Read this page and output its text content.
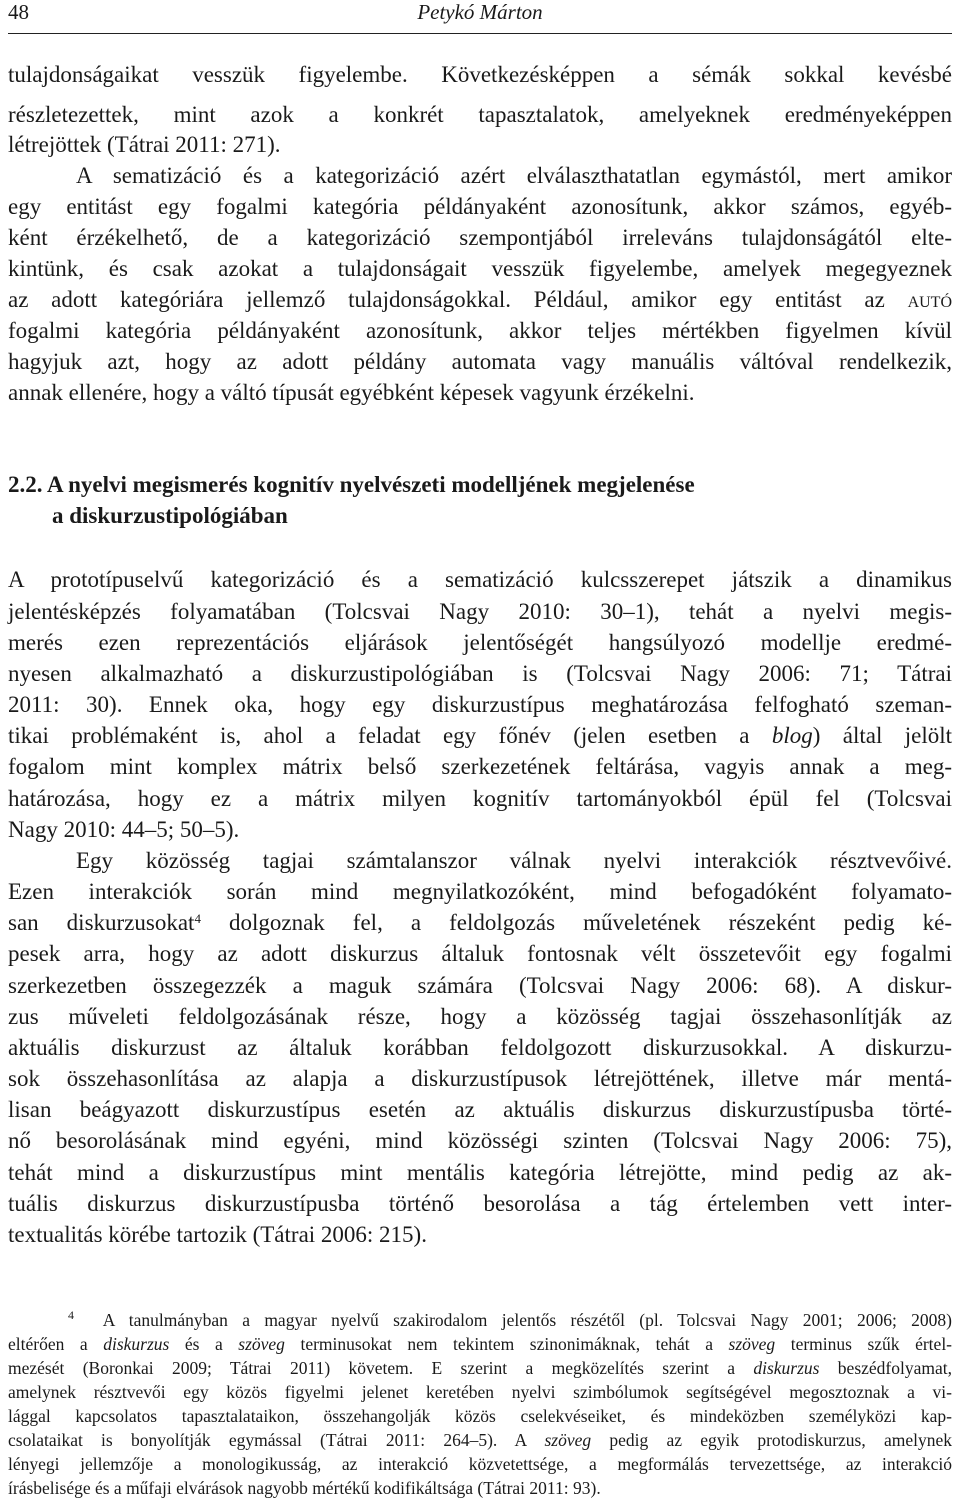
48	Petykó Márton
tulajdonságaikat vesszük figyelembe. Következésképpen a sémák sokkal kevésbé
részletezettek, mint azok a konkrét tapasztalatok, amelyeknek eredményeképpen
létrejöttek (Tátrai 2011: 271).
A sematizáció és a kategorizáció azért elválaszthatatlan egymástól, mert amikor
egy entitást egy fogalmi kategória példányaként azonosítunk, akkor számos, egyéb-
ként érzékelhető, de a kategorizáció szempontjából irreleváns tulajdonságától elte-
kintünk, és csak azokat a tulajdonságait vesszük figyelembe, amelyek megegyeznek
az adott kategóriára jellemző tulajdonságokkal. Például, amikor egy entitást az autó
fogalmi kategória példányaként azonosítunk, akkor teljes mértékben figyelmen kívül
hagyjuk azt, hogy az adott példány automata vagy manuális váltóval rendelkezik,
annak ellenére, hogy a váltó típusát egyébként képesek vagyunk érzékelni.
2.2. A nyelvi megismerés kognitív nyelvészeti modelljének megjelenése
a diskurzustipológiában
A prototípuselvű kategorizáció és a sematizáció kulcsszerepet játszik a dinamikus
jelentésképzés folyamatában (Tolcsvai Nagy 2010: 30–1), tehát a nyelvi megis-
merés ezen reprezentációs eljárások jelentőségét hangsúlyozó modellje eredmé-
nyesen alkalmazható a diskurzustipológiában is (Tolcsvai Nagy 2006: 71; Tátrai
2011: 30). Ennek oka, hogy egy diskurzustípus meghatározása felfogható szeman-
tikai problémaként is, ahol a feladat egy főnév (jelen esetben a blog) által jelölt
fogalom mint komplex mátrix belső szerkezetének feltárása, vagyis annak a meg-
határozása, hogy ez a mátrix milyen kognitív tartományokból épül fel (Tolcsvai
Nagy 2010: 44–5; 50–5).
Egy közösség tagjai számtalanszor válnak nyelvi interakciók résztvevőivé.
Ezen interakciók során mind megnyilatkozóként, mind befogadóként folyamato-
san diskurzusokat$^4$ dolgoznak fel, a feldolgozás műveletének részeként pedig ké-
pesek arra, hogy az adott diskurzus általuk fontosnak vélt összetevőit egy fogalmi
szerkezetben összegezzék a maguk számára (Tolcsvai Nagy 2006: 68). A diskur-
zus műveleti feldolgozásának része, hogy a közösség tagjai összehasonlítják az
aktuális diskurzust az általuk korábban feldolgozott diskurzusokkal. A diskurzu-
sok összehasonlítása az alapja a diskurzustípusok létrejöttének, illetve már mentá-
lisan beágyazott diskurzustípus esetén az aktuális diskurzus diskurzustípusba törté-
nő besorolásának mind egyéni, mind közösségi szinten (Tolcsvai Nagy 2006: 75),
tehát mind a diskurzustípus mint mentális kategória létrejötte, mind pedig az ak-
tuális diskurzus diskurzustípusba történő besorolása a tág értelemben vett inter-
textualitás körébe tartozik (Tátrai 2006: 215).
$^4$ A tanulmányban a magyar nyelvű szakirodalom jelentős részétől (pl. Tolcsvai Nagy 2001; 2006; 2008)
eltérően a diskurzus és a szöveg terminusokat nem tekintem szinonimáknak, tehát a szöveg terminus szűk értel-
mezését (Boronkai 2009; Tátrai 2011) követem. E szerint a megközelítés szerint a diskurzus beszédfolyamat,
amelynek résztvevői egy közös figyelmi jelenet keretében nyelvi szimbólumok segítségével megosztoznak a vi-
lággal kapcsolatos tapasztalataikon, összehangolják közös cselekvéseiket, és mindeközben személyközi kap-
csolataikat is bonyolítják egymással (Tátrai 2011: 264–5). A szöveg pedig az egyik protodiskurzus, amelynek
lényegi jellemzője a monologikusság, az interakció közvetettsége, a megformálás tervezettsége, az interakció
írásbelisége és a műfaji elvárások nagyobb mértékű kodifikáltsága (Tátrai 2011: 93).
